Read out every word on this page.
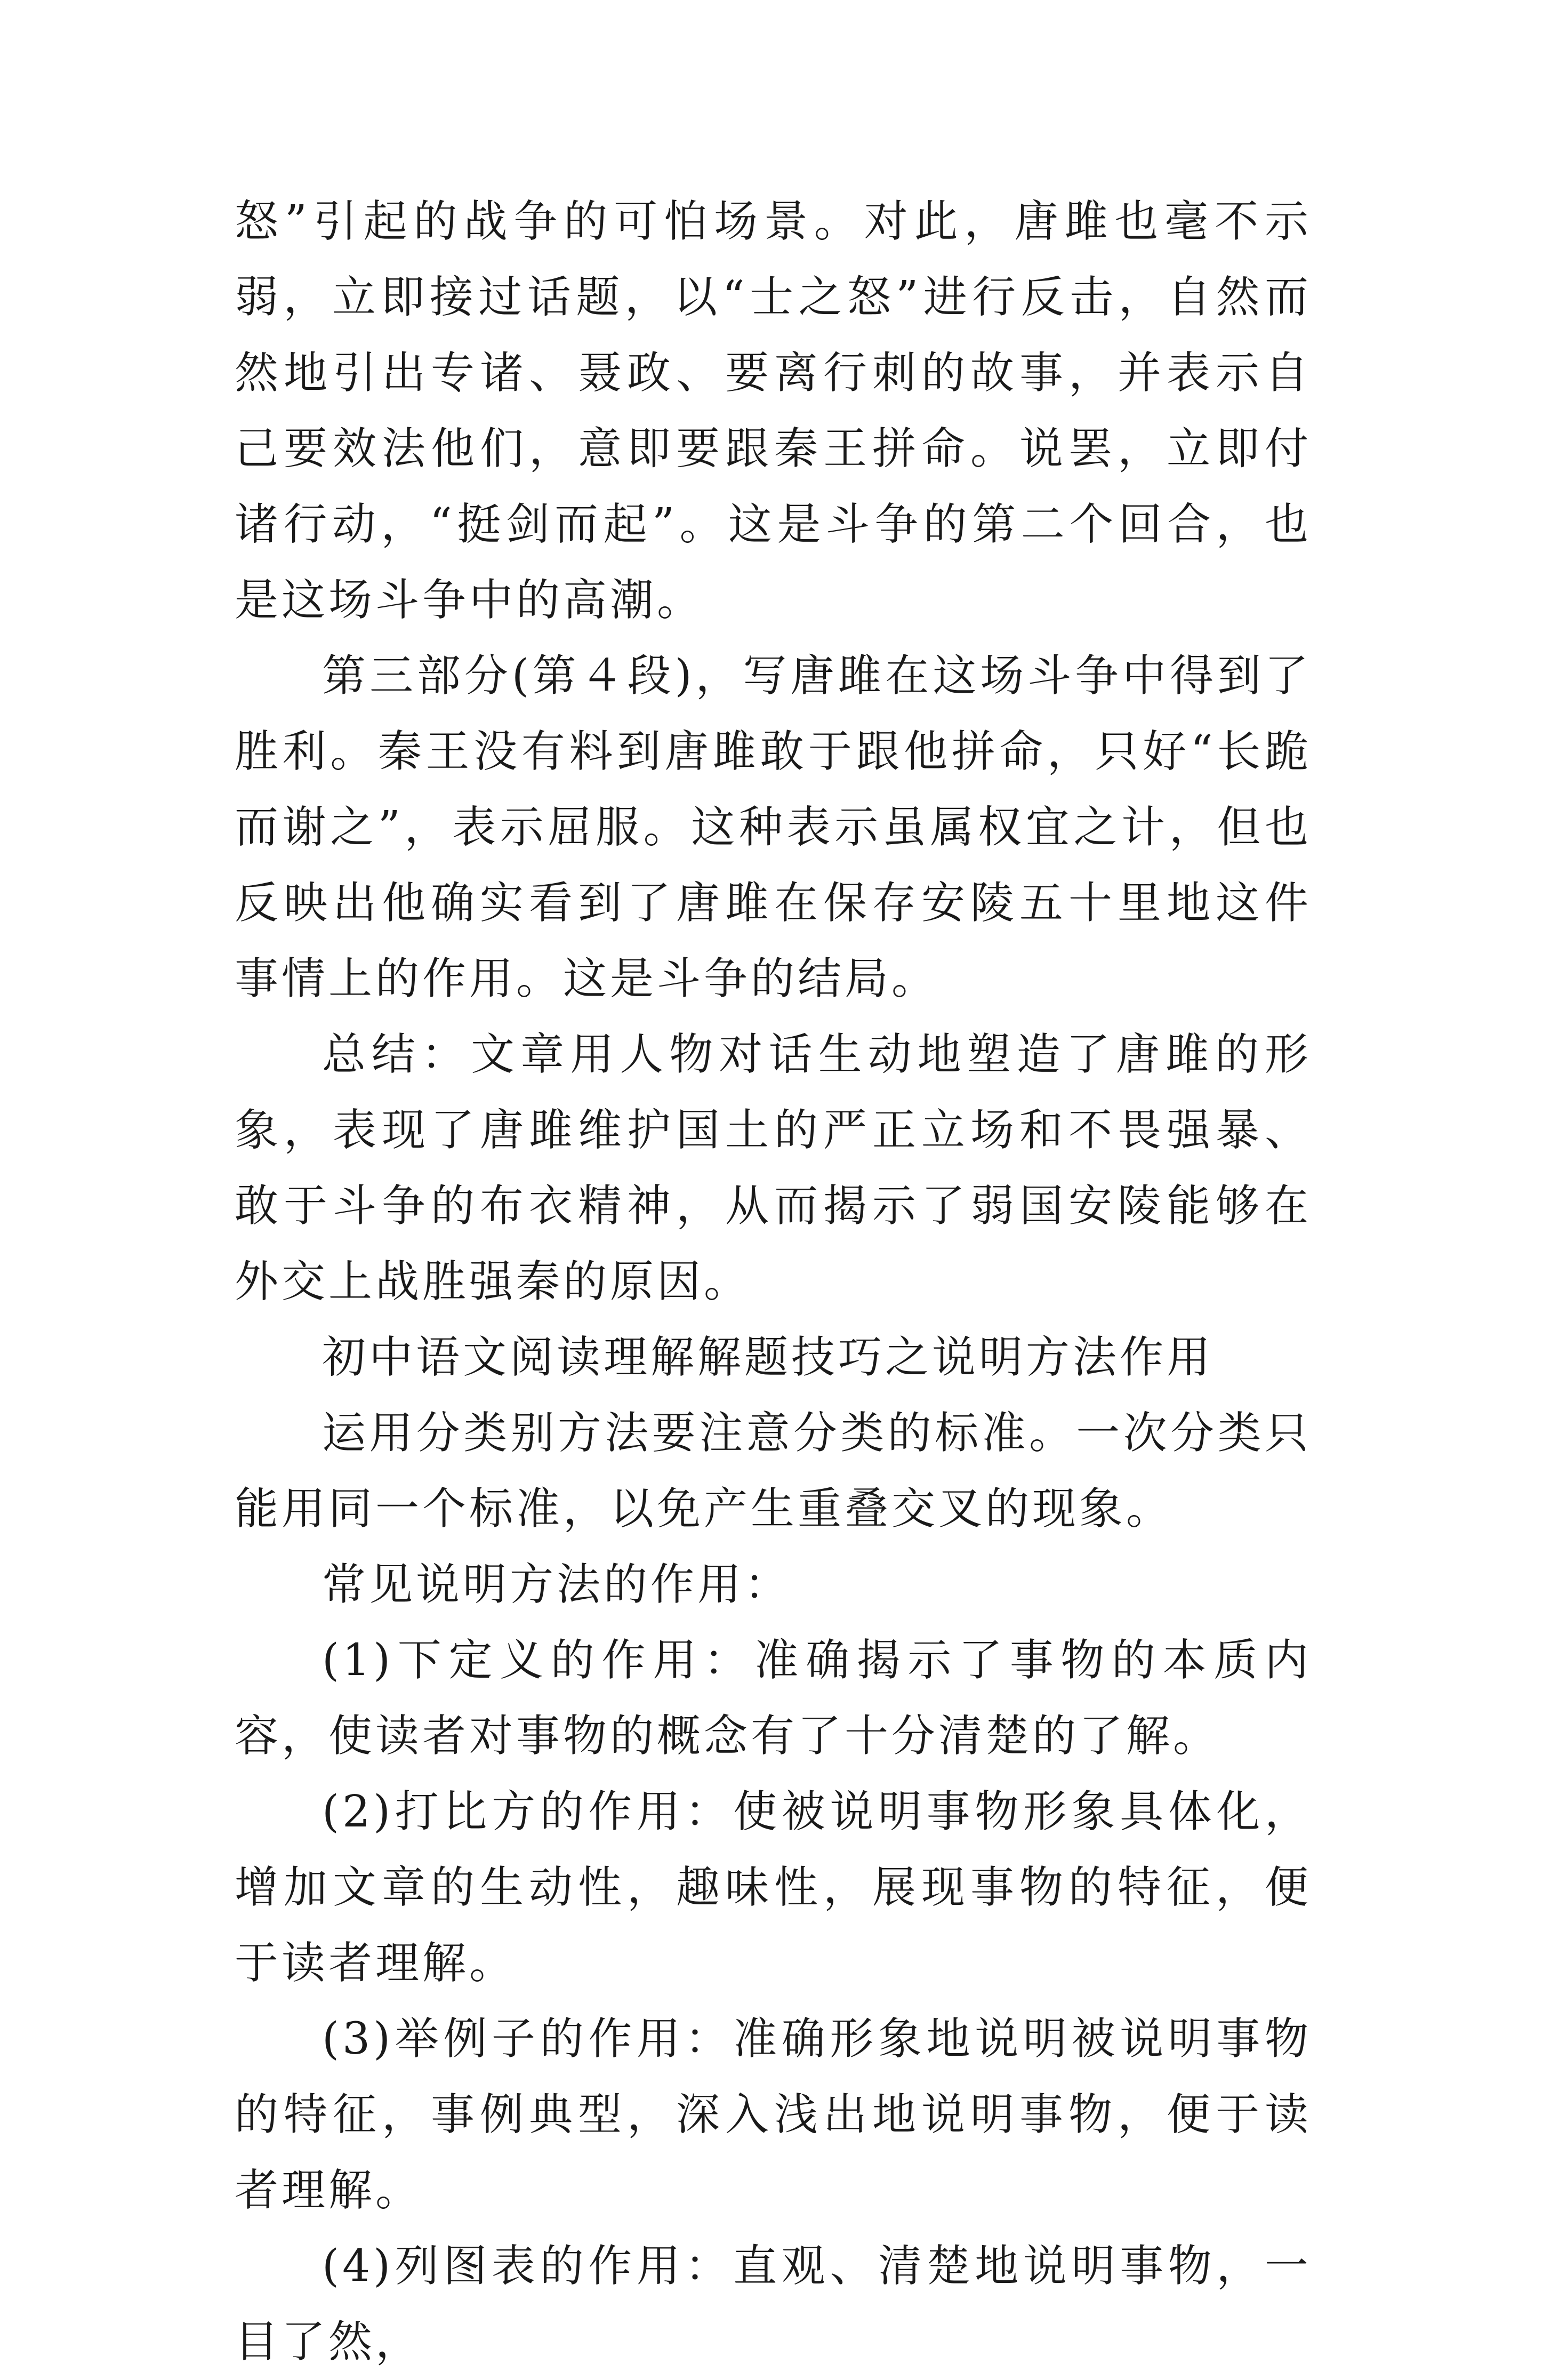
怒”引起的战争的可怕场景。对此，唐雎也毫不示弱，立即接过话题，以“士之怒”进行反击，自然而然地引出专诸、聂政、要离行刺的故事，并表示自己要效法他们，意即要跟秦王拼命。说罢，立即付诸行动，“挺剑而起”。这是斗争的第二个回合，也是这场斗争中的高潮。

第三部分(第４段)，写唐雎在这场斗争中得到了胜利。秦王没有料到唐雎敢于跟他拼命，只好“长跪而谢之”，表示屈服。这种表示虽属权宜之计，但也反映出他确实看到了唐雎在保存安陵五十里地这件事情上的作用。这是斗争的结局。

总结：文章用人物对话生动地塑造了唐雎的形象，表现了唐雎维护国土的严正立场和不畏强暴、敢于斗争的布衣精神，从而揭示了弱国安陵能够在外交上战胜强秦的原因。

初中语文阅读理解解题技巧之说明方法作用

运用分类别方法要注意分类的标准。一次分类只能用同一个标准，以免产生重叠交叉的现象。

常见说明方法的作用：

(1)下定义的作用：准确揭示了事物的本质内容，使读者对事物的概念有了十分清楚的了解。

(2)打比方的作用：使被说明事物形象具体化，增加文章的生动性，趣味性，展现事物的特征，便于读者理解。

(3)举例子的作用：准确形象地说明被说明事物的特征，事例典型，深入浅出地说明事物，便于读者理解。

(4)列图表的作用：直观、清楚地说明事物，一目了然，
